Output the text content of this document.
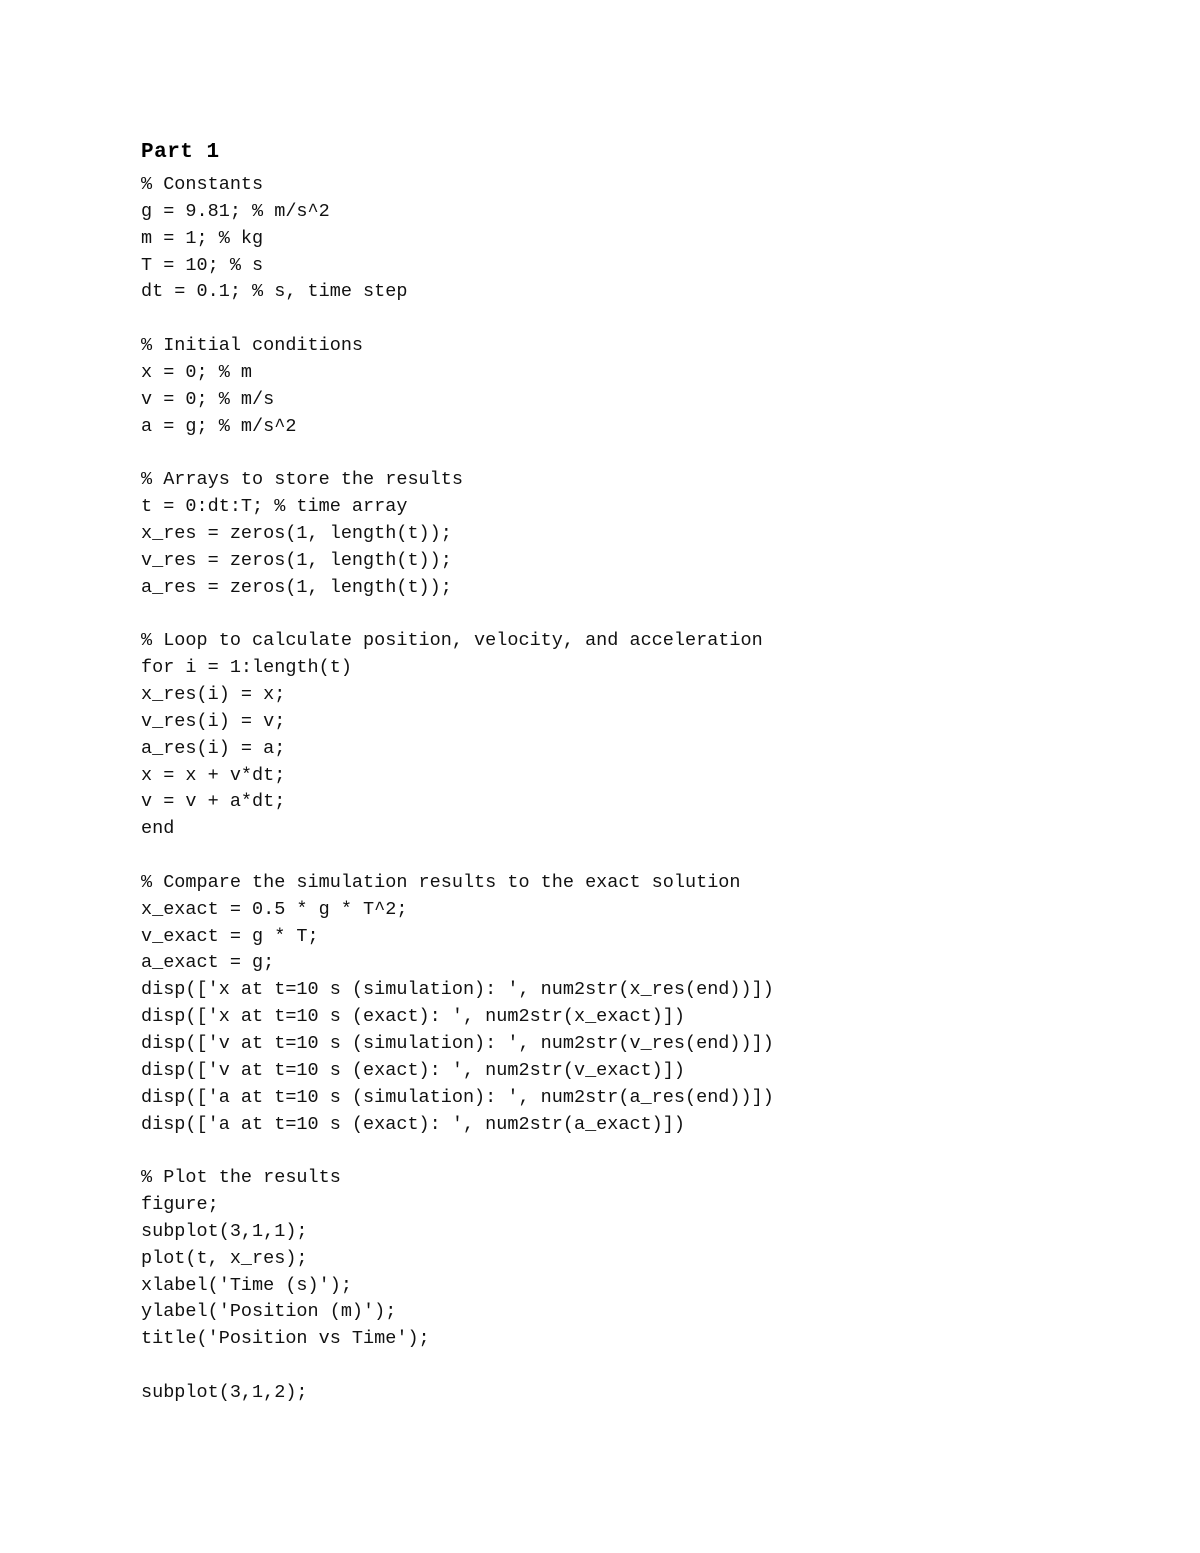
Part 1
% Constants
g = 9.81; % m/s^2
m = 1; % kg
T = 10; % s
dt = 0.1; % s, time step
% Initial conditions
x = 0; % m
v = 0; % m/s
a = g; % m/s^2
% Arrays to store the results
t = 0:dt:T; % time array
x_res = zeros(1, length(t));
v_res = zeros(1, length(t));
a_res = zeros(1, length(t));
% Loop to calculate position, velocity, and acceleration
for i = 1:length(t)
x_res(i) = x;
v_res(i) = v;
a_res(i) = a;
x = x + v*dt;
v = v + a*dt;
end
% Compare the simulation results to the exact solution
x_exact = 0.5 * g * T^2;
v_exact = g * T;
a_exact = g;
disp(['x at t=10 s (simulation): ', num2str(x_res(end))])
disp(['x at t=10 s (exact): ', num2str(x_exact)])
disp(['v at t=10 s (simulation): ', num2str(v_res(end))])
disp(['v at t=10 s (exact): ', num2str(v_exact)])
disp(['a at t=10 s (simulation): ', num2str(a_res(end))])
disp(['a at t=10 s (exact): ', num2str(a_exact)])
% Plot the results
figure;
subplot(3,1,1);
plot(t, x_res);
xlabel('Time (s)');
ylabel('Position (m)');
title('Position vs Time');
subplot(3,1,2);
